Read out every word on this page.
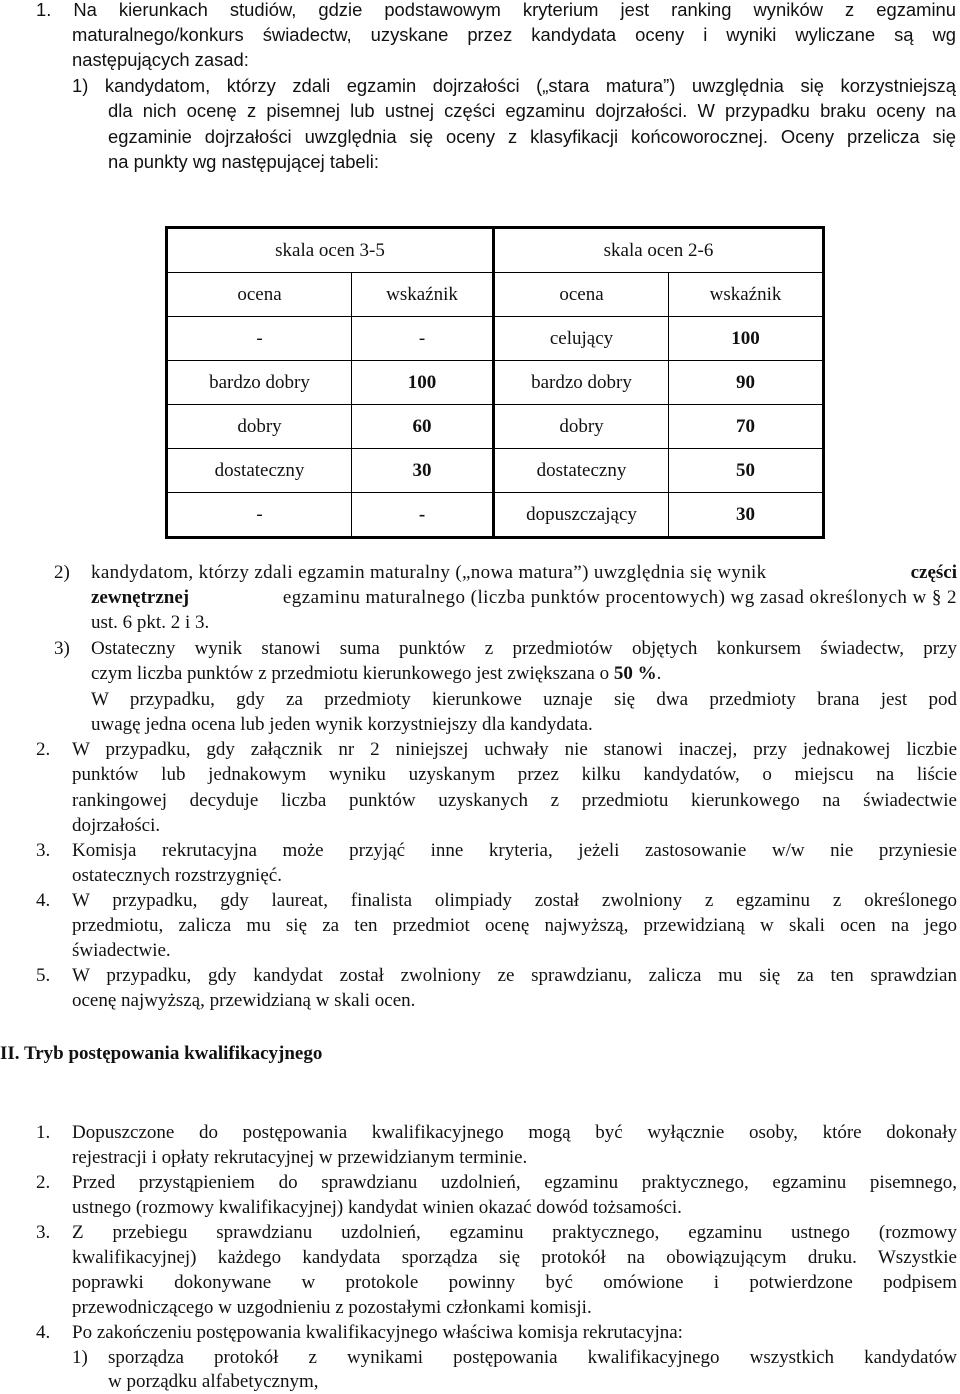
1. Na kierunkach studiów, gdzie podstawowym kryterium jest ranking wyników z egzaminu
maturalnego/konkurs świadectw, uzyskane przez kandydata oceny i wyniki wyliczane są wg
następujących zasad:
1) kandydatom, którzy zdali egzamin dojrzałości („stara matura”) uwzględnia się korzystniejszą
dla nich ocenę z pisemnej lub ustnej części egzaminu dojrzałości. W przypadku braku oceny na
egzaminie dojrzałości uwzględnia się oceny z klasyfikacji końcoworocznej. Oceny przelicza się
na punkty wg następującej tabeli:
skala ocen 3-5		skala ocen 2-6	
ocena	wskaźnik	ocena	wskaźnik
-	-	celujący	100
bardzo dobry	100	bardzo dobry	90
dobry	60	dobry	70
dostateczny	30	dostateczny	50
-	-	dopuszczający	30
2) kandydatom, którzy zdali egzamin maturalny („nowa matura”) uwzględnia się wynik	części
zewnętrznej	egzaminu maturalnego (liczba punktów procentowych) wg zasad określonych w § 2
ust. 6 pkt. 2 i 3.
3) Ostateczny wynik stanowi suma punktów z przedmiotów objętych konkursem świadectw, przy
czym liczba punktów z przedmiotu kierunkowego jest zwiększana o 50 %.
W przypadku, gdy za przedmioty kierunkowe uznaje się dwa przedmioty brana jest pod
uwagę jedna ocena lub jeden wynik korzystniejszy dla kandydata.
2. W przypadku, gdy załącznik nr 2 niniejszej uchwały nie stanowi inaczej, przy jednakowej liczbie
punktów lub jednakowym wyniku uzyskanym przez kilku kandydatów, o miejscu na liście
rankingowej decyduje liczba punktów uzyskanych z przedmiotu kierunkowego na świadectwie
dojrzałości.
3. Komisja rekrutacyjna może przyjąć inne kryteria, jeżeli zastosowanie w/w nie przyniesie
ostatecznych rozstrzygnięć.
4. W przypadku, gdy laureat, finalista olimpiady został zwolniony z egzaminu z określonego
przedmiotu, zalicza mu się za ten przedmiot ocenę najwyższą, przewidzianą w skali ocen na jego
świadectwie.
5. W przypadku, gdy kandydat został zwolniony ze sprawdzianu, zalicza mu się za ten sprawdzian
ocenę najwyższą, przewidzianą w skali ocen.
II. Tryb postępowania kwalifikacyjnego
1. Dopuszczone do postępowania kwalifikacyjnego mogą być wyłącznie osoby, które dokonały
rejestracji i opłaty rekrutacyjnej w przewidzianym terminie.
2. Przed przystąpieniem do sprawdzianu uzdolnień, egzaminu praktycznego, egzaminu pisemnego,
ustnego (rozmowy kwalifikacyjnej) kandydat winien okazać dowód tożsamości.
3. Z przebiegu sprawdzianu uzdolnień, egzaminu praktycznego, egzaminu ustnego (rozmowy
kwalifikacyjnej) każdego kandydata sporządza się protokół na obowiązującym druku. Wszystkie
poprawki dokonywane w protokole powinny być omówione i potwierdzone podpisem
przewodniczącego w uzgodnieniu z pozostałymi członkami komisji.
4. Po zakończeniu postępowania kwalifikacyjnego właściwa komisja rekrutacyjna:
1) sporządza protokół z wynikami postępowania kwalifikacyjnego wszystkich kandydatów
w porządku alfabetycznym,
